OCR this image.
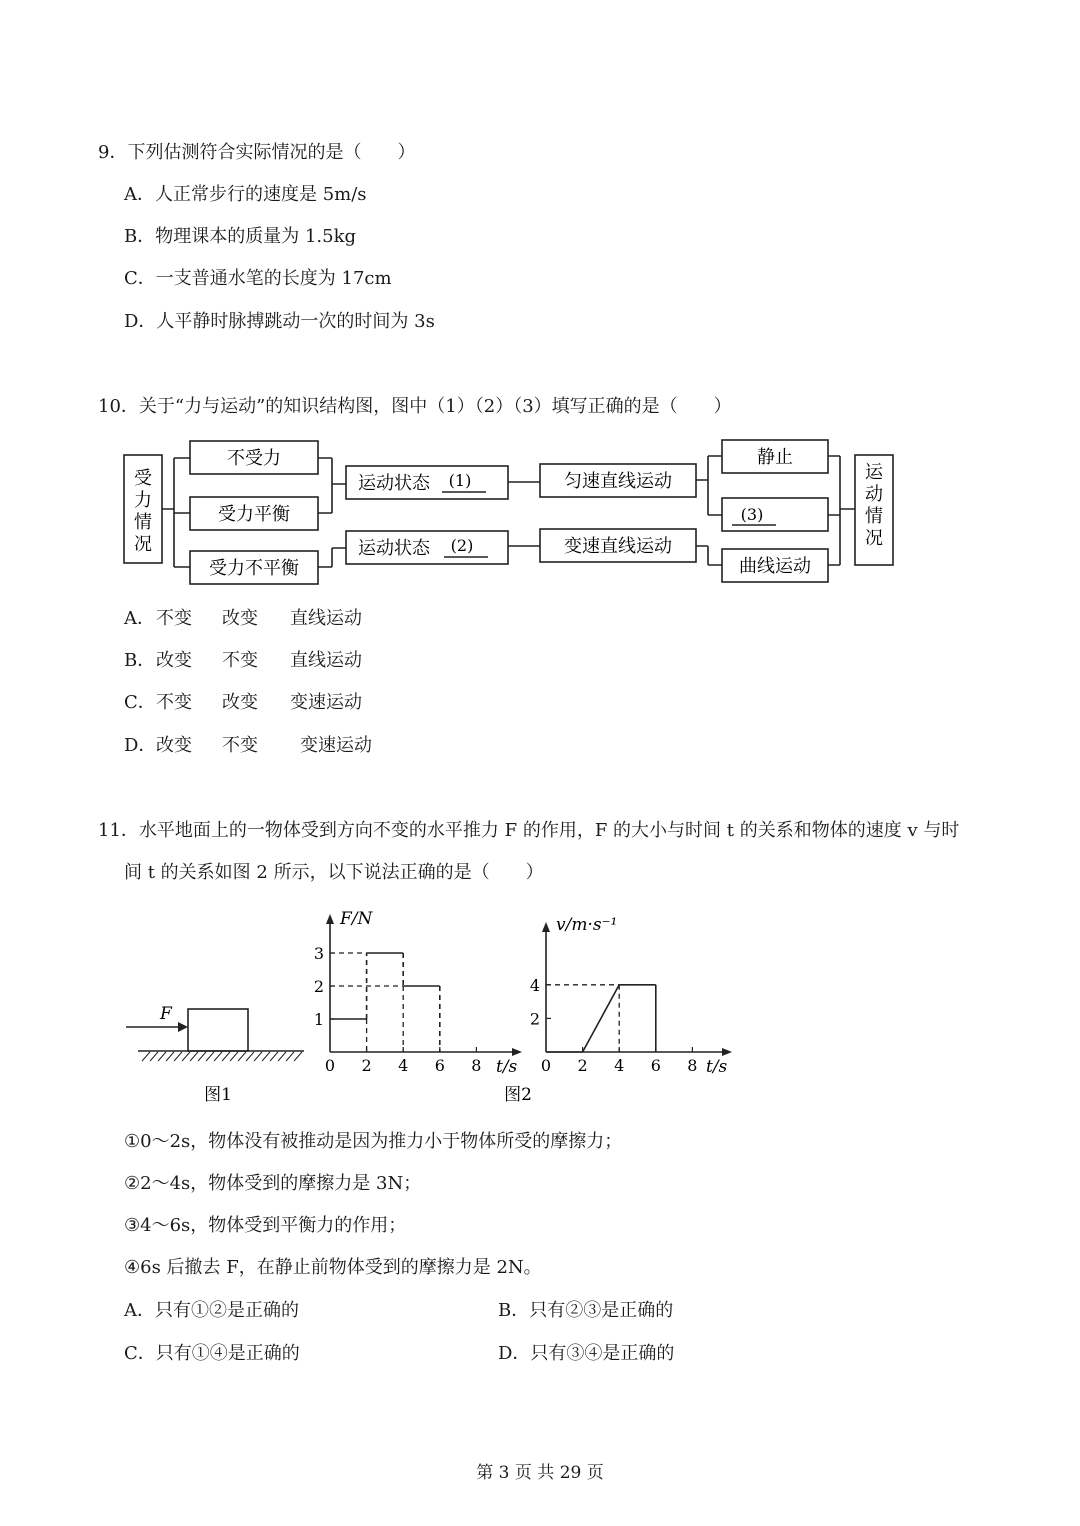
9．下列估测符合实际情况的是（　　）
A．人正常步行的速度是 5m/s
B．物理课本的质量为 1.5kg
C．一支普通水笔的长度为 17cm
D．人平静时脉搏跳动一次的时间为 3s
10．关于“力与运动”的知识结构图，图中（1）（2）（3）填写正确的是（　　）
受
力
情
况
不受力
受力平衡
受力不平衡
运动状态 (1)
运动状态 (2)
匀速直线运动
变速直线运动
静止
(3)
曲线运动
运
动
情
况

A．

不变

改变

直线运动

B．

改变

不变

直线运动

C．

不变

改变

变速运动

D．

改变

不变

变速运动

11．水平地面上的一物体受到方向不变的水平推力 F 的作用，F 的大小与时间 t 的关系和物体的速度 v 与时
间 t 的关系如图 2 所示，以下说法正确的是（　　）
F
图1
F/N
t/s
0 2 4 6 8
1
2
3
v/m·s⁻¹
t/s
0 2 4 6 8
2
4
图2
①0～2s，物体没有被推动是因为推力小于物体所受的摩擦力；
②2～4s，物体受到的摩擦力是 3N；
③4～6s，物体受到平衡力的作用；
④6s 后撤去 F，在静止前物体受到的摩擦力是 2N。
A．只有①②是正确的	B．只有②③是正确的
C．只有①④是正确的	D．只有③④是正确的
第 3 页 共 29 页
